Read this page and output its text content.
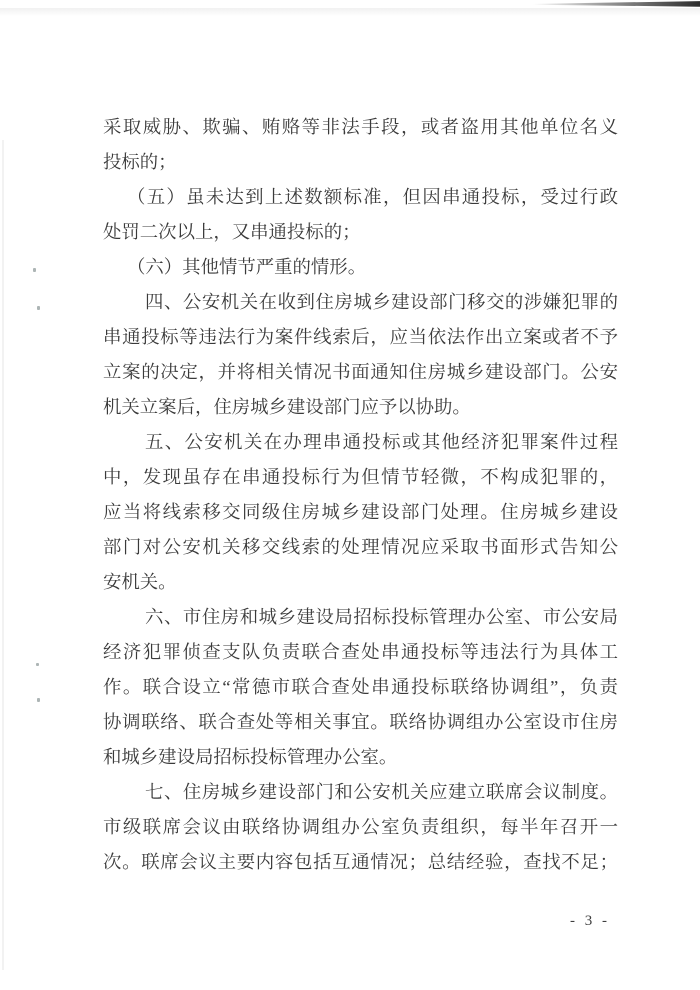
采取威胁、欺骗、贿赂等非法手段，或者盗用其他单位名义
投标的；
（五）虽未达到上述数额标准，但因串通投标，受过行政
处罚二次以上，又串通投标的；
（六）其他情节严重的情形。
四、公安机关在收到住房城乡建设部门移交的涉嫌犯罪的
串通投标等违法行为案件线索后，应当依法作出立案或者不予
立案的决定，并将相关情况书面通知住房城乡建设部门。公安
机关立案后，住房城乡建设部门应予以协助。
五、公安机关在办理串通投标或其他经济犯罪案件过程
中，发现虽存在串通投标行为但情节轻微，不构成犯罪的，
应当将线索移交同级住房城乡建设部门处理。住房城乡建设
部门对公安机关移交线索的处理情况应采取书面形式告知公
安机关。
六、市住房和城乡建设局招标投标管理办公室、市公安局
经济犯罪侦查支队负责联合查处串通投标等违法行为具体工
作。联合设立“常德市联合查处串通投标联络协调组”，负责
协调联络、联合查处等相关事宜。联络协调组办公室设市住房
和城乡建设局招标投标管理办公室。
七、住房城乡建设部门和公安机关应建立联席会议制度。
市级联席会议由联络协调组办公室负责组织，每半年召开一
次。联席会议主要内容包括互通情况；总结经验，查找不足；
- 3 -
